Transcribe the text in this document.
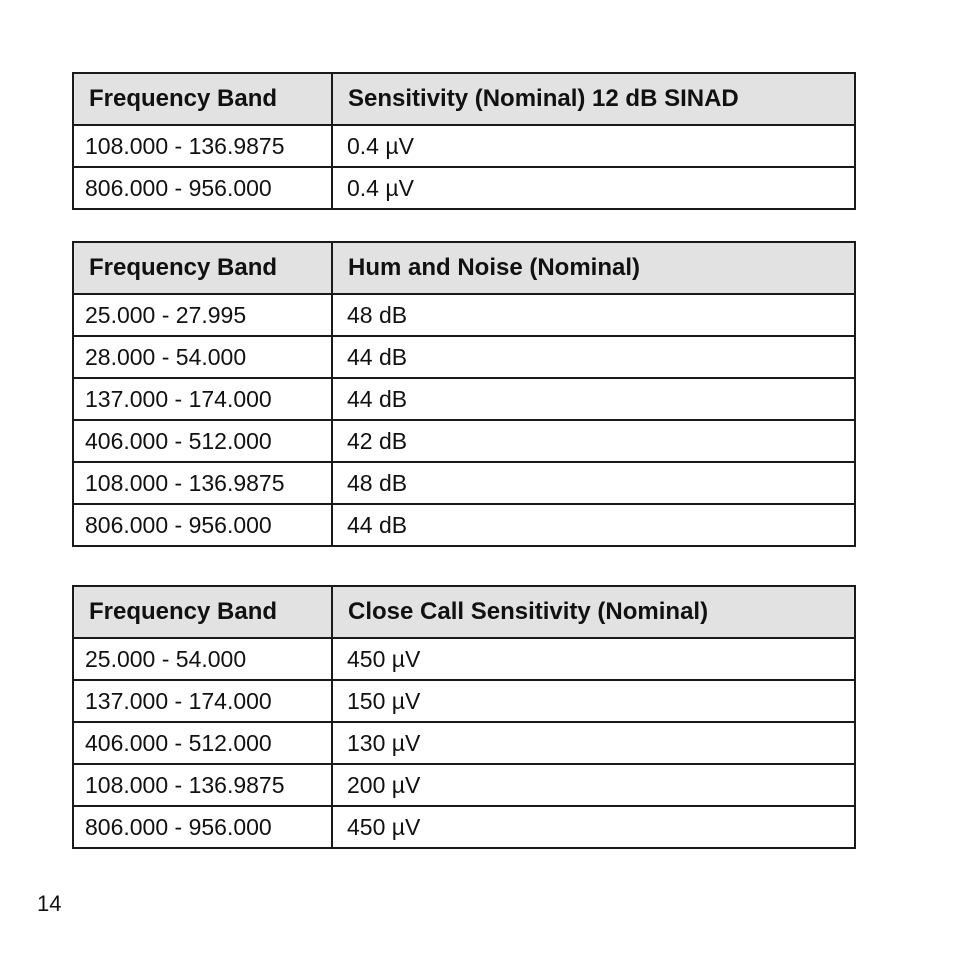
Frequency Band	Sensitivity (Nominal) 12 dB SINAD
108.000 - 136.9875	0.4 µV
806.000 - 956.000	0.4 µV
Frequency Band	Hum and Noise (Nominal)
25.000 - 27.995	48 dB
28.000 - 54.000	44 dB
137.000 - 174.000	44 dB
406.000 - 512.000	42 dB
108.000 - 136.9875	48 dB
806.000 - 956.000	44 dB
Frequency Band	Close Call Sensitivity (Nominal)
25.000 - 54.000	450 µV
137.000 - 174.000	150 µV
406.000 - 512.000	130 µV
108.000 - 136.9875	200 µV
806.000 - 956.000	450 µV
14
